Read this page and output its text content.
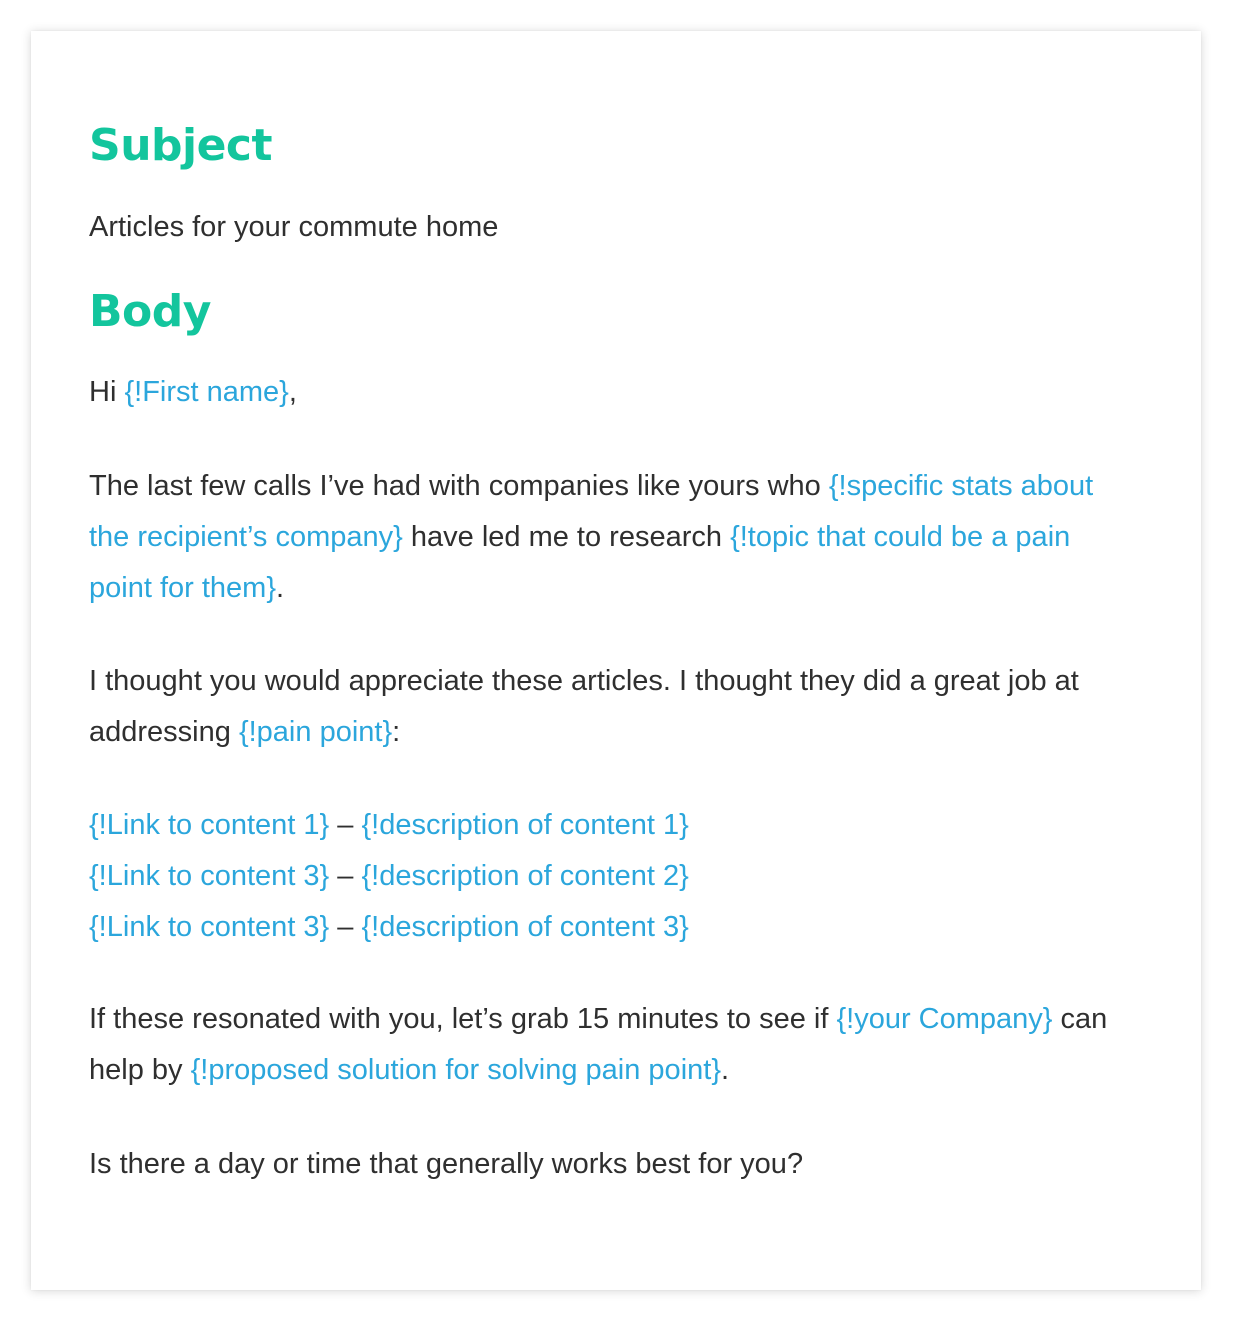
Subject

Articles for your commute home

Body

Hi {!First name},

The last few calls I’ve had with companies like yours who {!specific stats about the recipient’s company} have led me to research {!topic that could be a pain point for them}.

I thought you would appreciate these articles. I thought they did a great job at addressing {!pain point}:

{!Link to content 1} – {!description of content 1}
{!Link to content 3} – {!description of content 2}
{!Link to content 3} – {!description of content 3}

If these resonated with you, let’s grab 15 minutes to see if {!your Company} can help by {!proposed solution for solving pain point}.

Is there a day or time that generally works best for you?
